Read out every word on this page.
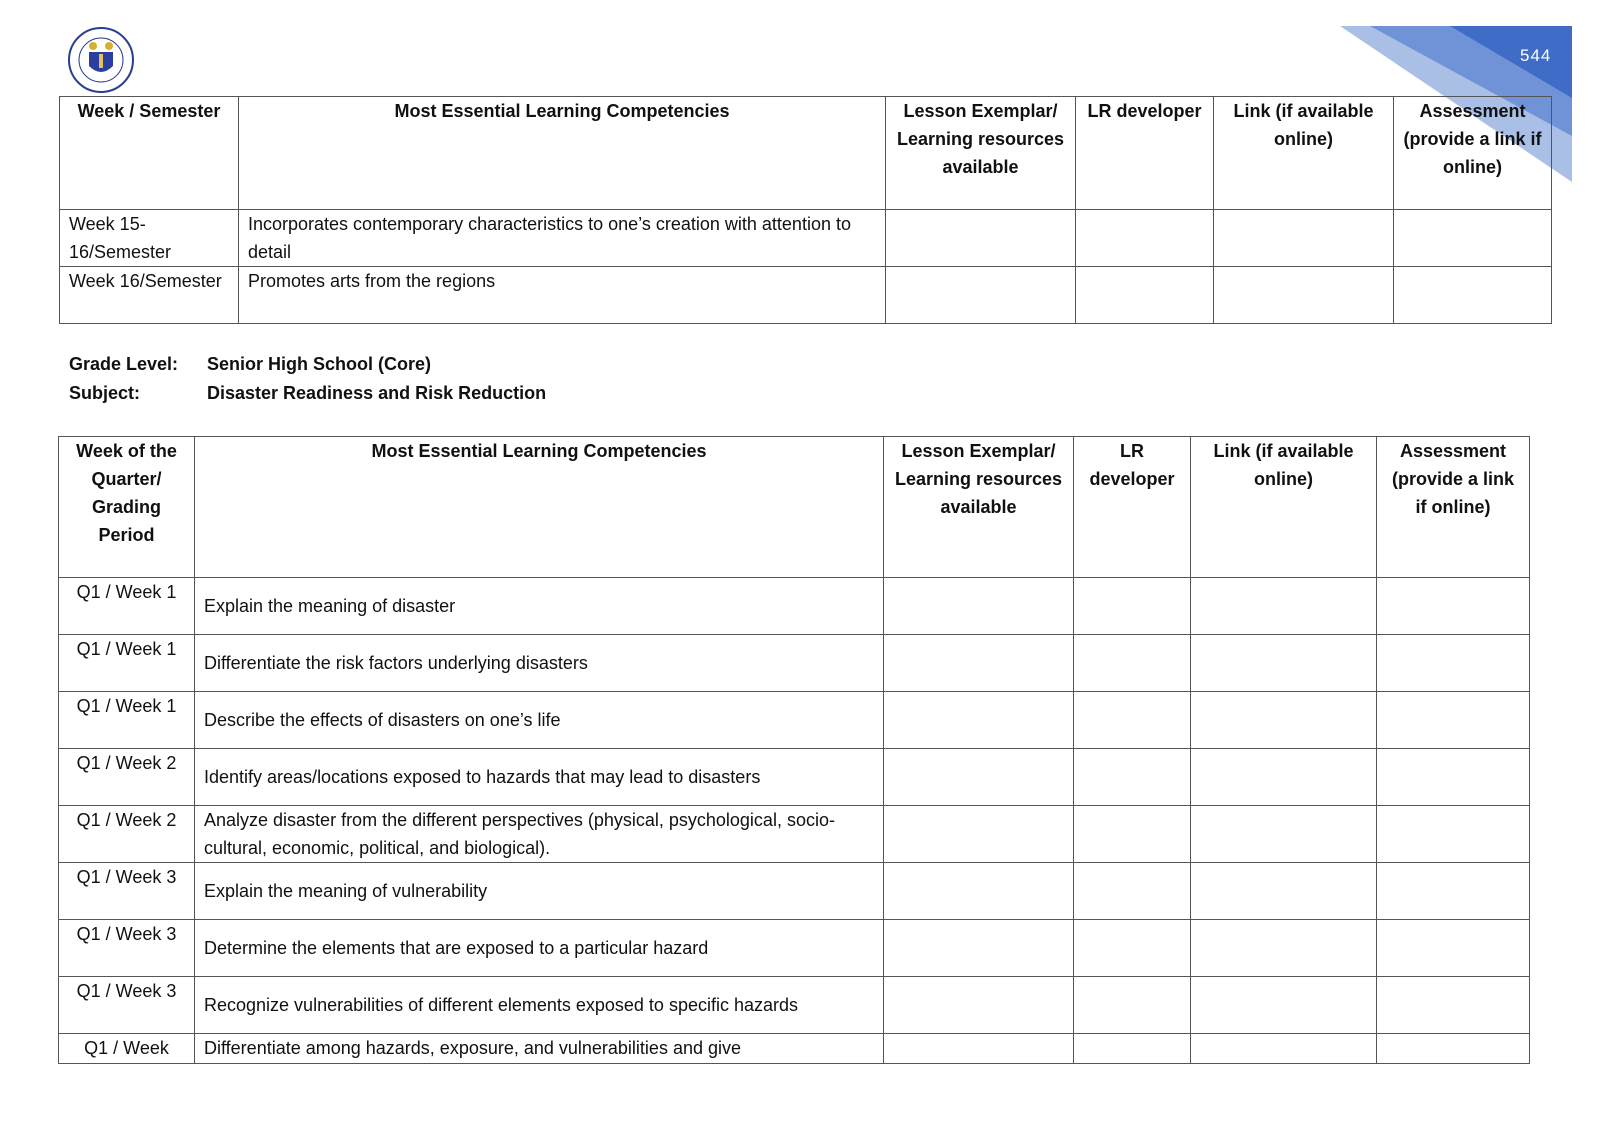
544
Week / Semester	Most Essential Learning Competencies	Lesson Exemplar/ Learning resources available	LR developer	Link (if available online)	Assessment (provide a link if online)
Week 15-16/Semester	Incorporates contemporary characteristics to one’s creation with attention to detail				
Week 16/Semester	Promotes arts from the regions				
Grade Level: Senior High School (Core)
Subject:	Disaster Readiness and Risk Reduction
Week of the Quarter/ Grading Period	Most Essential Learning Competencies	Lesson Exemplar/ Learning resources available	LR developer	Link (if available online)	Assessment (provide a link if online)
Q1 / Week 1	Explain the meaning of disaster				
Q1 / Week 1	Differentiate the risk factors underlying disasters				
Q1 / Week 1	Describe the effects of disasters on one’s life				
Q1 / Week 2	Identify areas/locations exposed to hazards that may lead to disasters				
Q1 / Week 2	Analyze disaster from the different perspectives (physical, psychological, socio-cultural, economic, political, and biological).				
Q1 / Week 3	Explain the meaning of vulnerability				
Q1 / Week 3	Determine the elements that are exposed to a particular hazard				
Q1 / Week 3	Recognize vulnerabilities of different elements exposed to specific hazards				
Q1 / Week	Differentiate among hazards, exposure, and vulnerabilities and give				
